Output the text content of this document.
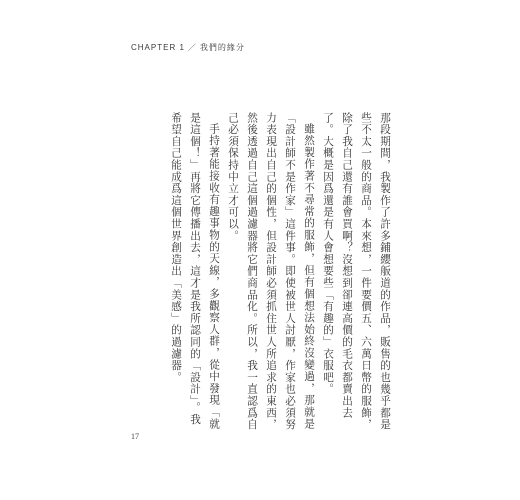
CHAPTER 1 ／ 我們的緣分

那段期間，我製作了許多鋪纓舨道的作品，販售的也幾乎都是些不太一般的商品。本來想，一件要價五、六萬日幣的服飾，除了我自己還有誰會買啊？沒想到卻連高價的毛衣都賣出去了。大概是因爲還是有人會想要些「有趣的」衣服吧。

雖然製作著不尋常的服飾，但有個想法始終沒變過，那就是「設計師不是作家」這件事。即使被世人討厭，作家也必須努力表現出自己的個性，但設計師必須抓住世人所追求的東西，然後透過自己這個過濾器將它們商品化。所以，我一直認爲自己必須保持中立才可以。

手持著能接收有趣事物的天線，多觀察人群，從中發現「就是這個！」再將它傳播出去，這才是我所認同的「設計」。我希望自己能成爲這個世界創造出「美感」的過濾器。

17
